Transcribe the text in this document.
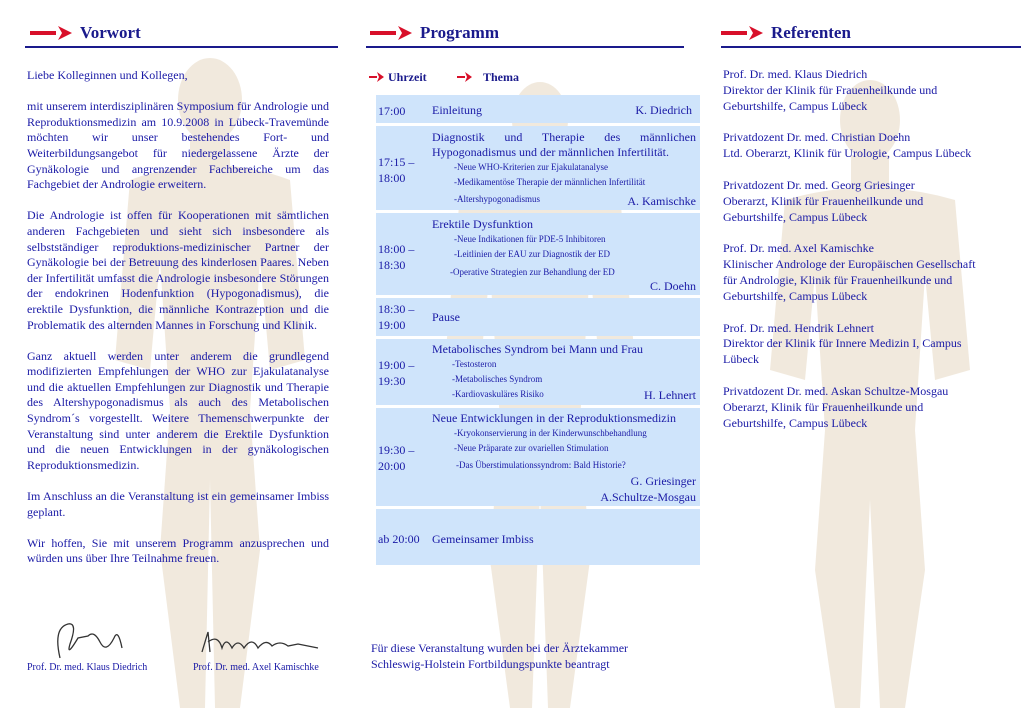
Vorwort

Liebe Kolleginnen und Kollegen,

mit unserem interdisziplinären Symposium für Andrologie und Reproduktionsmedizin am 10.9.2008 in Lübeck-Travemünde möchten wir unser bestehendes Fort- und Weiterbildungsangebot für niedergelassene Ärzte der Gynäkologie und angrenzender Fachbereiche um das Fachgebiet der Andrologie erweitern.

Die Andrologie ist offen für Kooperationen mit sämtlichen anderen Fachgebieten und sieht sich insbesondere als selbstständiger reproduktions-medizinischer Partner der Gynäkologie bei der Betreuung des kinderlosen Paares. Neben der Infertilität umfasst die Andrologie insbesondere Störungen der endokrinen Hodenfunktion (Hypogonadismus), die erektile Dysfunktion, die männliche Kontrazeption und die Problematik des alternden Mannes in Forschung und Klinik.

Ganz aktuell werden unter anderem die grundlegend modifizierten Empfehlungen der WHO zur Ejakulatanalyse und die aktuellen Empfehlungen zur Diagnostik und Therapie des Altershypogonadismus als auch des Metabolischen Syndrom´s vorgestellt. Weitere Themenschwerpunkte der Veranstaltung sind unter anderem die Erektile Dysfunktion und die neuen Entwicklungen in der gynäkologischen Reproduktionsmedizin.

Im Anschluss an die Veranstaltung ist ein gemeinsamer Imbiss geplant.

Wir hoffen, Sie mit unserem Programm anzusprechen und würden uns über Ihre Teilnahme freuen.

Prof. Dr. med. Klaus Diedrich	Prof. Dr. med. Axel Kamischke
Programm
Uhrzeit	Thema
17:00 Einleitung	K. Diedrich
17:15 – 18:00
Diagnostik und Therapie des männlichen Hypogonadismus und der männlichen Infertilität.
-Neue WHO-Kriterien zur Ejakulatanalyse
-Medikamentöse Therapie der männlichen Infertilität
-Altershypogonadismus	A. Kamischke
18:00 – 18:30
Erektile Dysfunktion
-Neue Indikationen für PDE-5 Inhibitoren
-Leitlinien der EAU zur Diagnostik der ED
-Operative Strategien zur Behandlung der ED
C. Doehn
18:30 – 19:00
Pause
19:00 – 19:30
Metabolisches Syndrom bei Mann und Frau
-Testosteron
-Metabolisches Syndrom
-Kardiovaskuläres Risiko	H. Lehnert
19:30 – 20:00
Neue Entwicklungen in der Reproduktionsmedizin
-Kryokonservierung in der Kinderwunschbehandlung
-Neue Präparate zur ovariellen Stimulation
-Das Überstimulationssyndrom: Bald Historie?
G. Griesinger
A.Schultze-Mosgau
ab 20:00 Gemeinsamer Imbiss
Für diese Veranstaltung wurden bei der Ärztekammer Schleswig-Holstein Fortbildungspunkte beantragt
Referenten
Prof. Dr. med. Klaus Diedrich
Direktor der Klinik für Frauenheilkunde und Geburtshilfe, Campus Lübeck
Privatdozent Dr. med. Christian Doehn
Ltd. Oberarzt, Klinik für Urologie, Campus Lübeck
Privatdozent Dr. med. Georg Griesinger
Oberarzt, Klinik für Frauenheilkunde und Geburtshilfe, Campus Lübeck
Prof. Dr. med. Axel Kamischke
Klinischer Androloge der Europäischen Gesellschaft für Andrologie, Klinik für Frauenheilkunde und Geburtshilfe, Campus Lübeck
Prof. Dr. med. Hendrik Lehnert
Direktor der Klinik für Innere Medizin I, Campus Lübeck
Privatdozent Dr. med. Askan Schultze-Mosgau
Oberarzt, Klinik für Frauenheilkunde und Geburtshilfe, Campus Lübeck
